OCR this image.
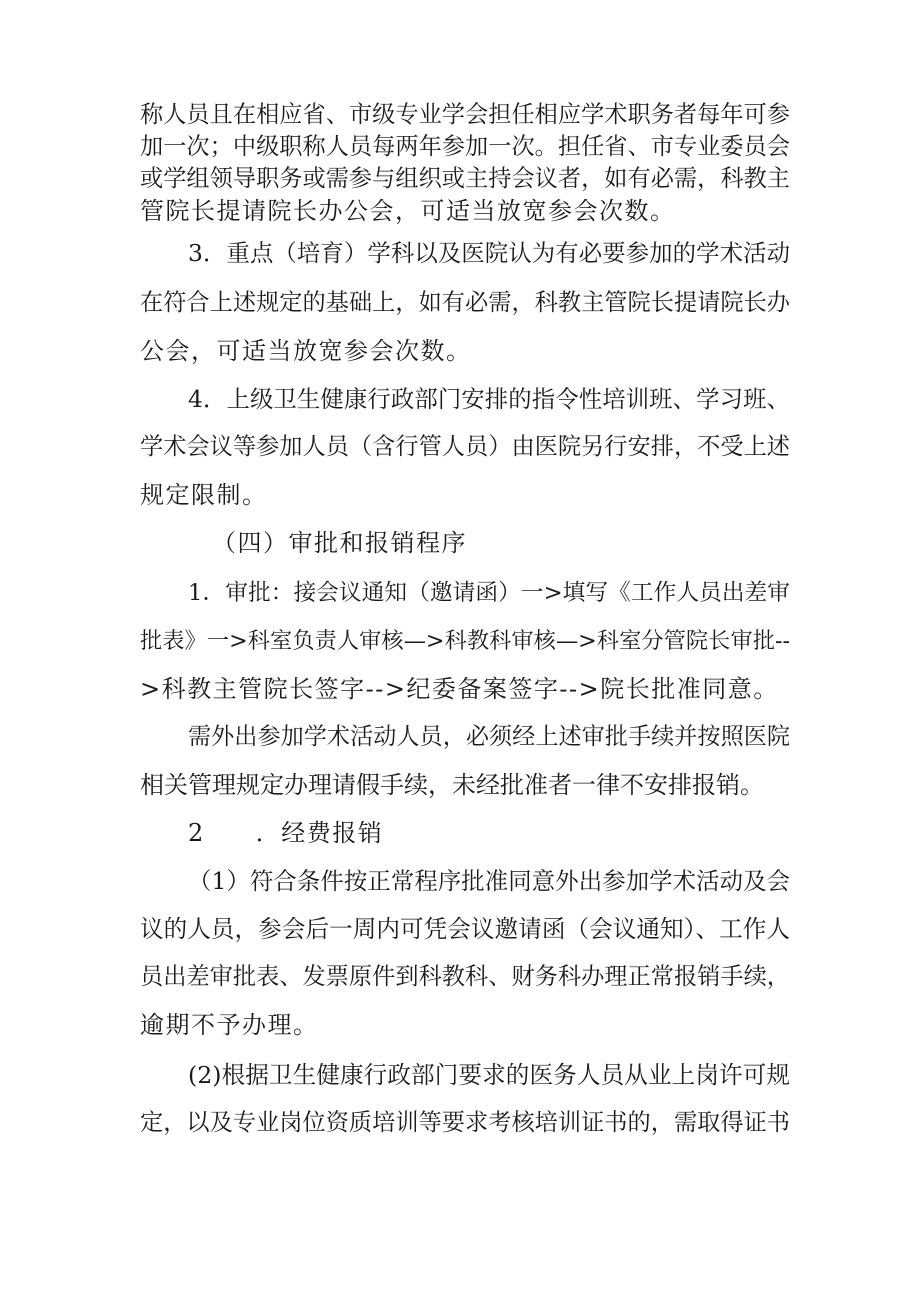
称人员且在相应省、市级专业学会担任相应学术职务者每年可参
加一次；中级职称人员每两年参加一次。担任省、市专业委员会
或学组领导职务或需参与组织或主持会议者，如有必需，科教主
管院长提请院长办公会，可适当放宽参会次数。
3．重点（培育）学科以及医院认为有必要参加的学术活动
在符合上述规定的基础上，如有必需，科教主管院长提请院长办
公会，可适当放宽参会次数。
4．上级卫生健康行政部门安排的指令性培训班、学习班、
学术会议等参加人员（含行管人员）由医院另行安排，不受上述
规定限制。
（四）审批和报销程序
1．审批：接会议通知（邀请函）一>填写《工作人员出差审
批表》一>科室负责人审核—>科教科审核—>科室分管院长审批--
>科教主管院长签字-->纪委备案签字-->院长批准同意。
需外出参加学术活动人员，必须经上述审批手续并按照医院
相关管理规定办理请假手续，未经批准者一律不安排报销。
2　　．经费报销
（1）符合条件按正常程序批准同意外出参加学术活动及会
议的人员，参会后一周内可凭会议邀请函（会议通知）、工作人
员出差审批表、发票原件到科教科、财务科办理正常报销手续，
逾期不予办理。
(2)根据卫生健康行政部门要求的医务人员从业上岗许可规
定，以及专业岗位资质培训等要求考核培训证书的，需取得证书
